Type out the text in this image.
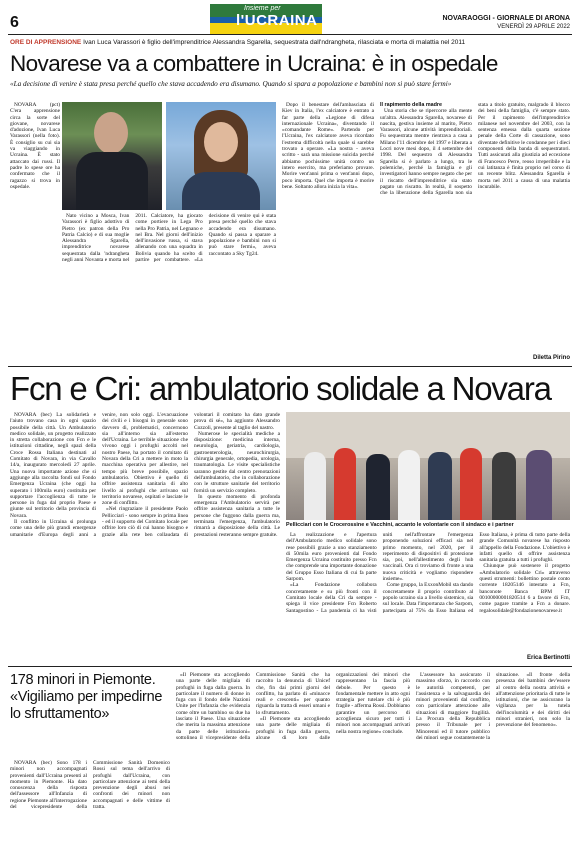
6
Insieme per
l'UCRAINA	NOVARAOGGI - GIORNALE DI ARONA
VENERDÌ 29 APRILE 2022
ORE DI APPRENSIONE Ivan Luca Varassori è figlio dell'imprenditrice Alessandra Sgarella, sequestrata dall'ndrangheta, rilasciata e morta di malattia nel 2011
Novarese va a combattere in Ucraina: è in ospedale
«La decisione di venire è stata presa perché quello che stava accadendo era disumano. Quando si spara a popolazione e bambini non si può stare fermi»

NOVARA (pct) C'era apprensione circa la sorte del giovane, novarese d'adozione, Ivan Luca Varassori (nella foto). È consiglio su cui sia va viaggiando in Ucraina. È stato attaccato dai russi. Il padre lo spese ore ha confermato che il ragazzo si trova in ospedale.

Nato vicino a Mosca, Ivan Varassori è figlio adottivo di Pietro (ex patron della Pro Patria Calcio) e di sua moglie Alessandra Sgarella, imprenditrice novarese sequestrata dalla 'ndrangheta negli anni Novanta e morta nel 2011. Calciatore, ha giocato come portiere in Lega Pro nella Pro Patria, nel Legnano e nel Bra. Nel giorni dell'inizio dell'invasione russa, si stava allenando con una squadra in Bolivia quando ha scelto di partire per combattere. «La decisione di venire qui è stata presa perché quello che stava accadendo era disumano. Quando si passa a sparare a popolazione e bambini non si può stare fermi», aveva raccontato a Sky Tg24.

Dopo il benestare dell'ambasciata di Kiev in Italia, l'ex calciatore è entrato a far parte della «Legione di difesa internazionale Ucraina», diventando il «comandante Rome». Partendo per l'Ucraina, l'ex calciatore aveva ricordato l'estrema difficoltà nella quale si sarebbe trovato a operare. «La nostra - aveva scritto - sarà una missione suicida perché abbiamo pochissime unità contro un intero esercito, ma preferiamo provare. Morire vent'anni prima o vent'anni dopo, poco importa. Quel che importa è morire bene. Soltanto allora inizia la vita».

Il rapimento della madre

Una storia che se ripercorre alla mente un'altra. Alessandra Sgarella, novarese di nascita, gestiva insieme al marito, Pietro Varassori, alcune attività imprenditoriali. Fu sequestrata mentre rientrava a casa a Milano l'11 dicembre del 1997 e liberata a Locri nove mesi dopo, il 4 settembre del 1998. Del sequestro di Alessandra Sgarella si è parlato a lungo, tra le polemiche, perché la famiglia e gli investigatori hanno sempre negato che per il riscatto dell'imprenditrice sia stato pagato un riscatto. In realtà, il sospetto che la liberazione della Sgarella non sia stata a titolo gratuito, malgrado il blocco dei beni della famiglia, c'è sempre stato. Per il rapimento dell'imprenditrice milanese nel novembre del 2003, con la sentenza emessa dalla quarta sezione penale della Corte di cassazione, sono diventate definitive le condanne per i dieci componenti della banda di sequestratori. Tutti assicurati alla giustizia ad eccezione di Francesco Perre, reoso irreperibile e la cui latitanza è finita proprio nel corso di un recente blitz. Alessandra Sgarella è morta nel 2011 a causa di una malattia incurabile.

Diletta Pirino
Fcn e Cri: ambulatorio solidale a Novara

NOVARA (bec) La solidarietà e l'aiuto trovano casa in ogni spazio possibile della città. Un Ambulatorio medico solidale, un progetto realizzato in stretta collaborazione con Fcn e le istituzioni cittadine, negli spazi della Croce Rossa Italiana destinati al Comitato di Novara, in via Cavallo 14/a, inaugurato mercoledì 27 aprile. Una nuova importante azione che si aggiunge alla raccolta fondi sul Fondo Emergenza Ucraina (che oggi ha superato i 100mila euro) costituita per supportare l'accoglienza di tutte le persone in fuga dal proprio Paese e giunte sul territorio della provincia di Novara.

Il conflitto in Ucraina si prolunga come una delle più grandi emergenze umanitarie d'Europa degli anni a venire, non solo oggi. L'evacuazione dei civili e i bisogni in generale sono davvero di, problematici, concernono sia all'interno sia all'esterno dell'Ucraina. Le terribile situazione che vivono oggi i profughi accolti nel nostro Paese, ha portato il comitato di Novara della Cri a mettere in moto la macchina operativa per allestire, nel tempo più breve possibile, spazio ambulatorio. Obiettivo è quello di offrire assistenza sanitaria di alto livello ai profughi che arrivano sul territorio novarese, ospitati e lasciate le zone di conflitto.

«Nel ringraziare il presidente Paolo Pellicciari - sono sempre in prima linea - ed il supporto del Comitato locale per offrire loro ciò di cui hanno bisogno e grazie alla rete ben collaudata di volontari il comitato ha dato grande prova di sé», ha aggiunto Alessandro Cozzoli, presente al taglio del nastro.

Numerose le specialità mediche a disposizione: medicina interna, neurologia, geriatria, cardiologia, gastroenterologia, neurochirurgia, chirurgia generale, ortopedia, urologia, traumatologia. Le visite specialistiche saranno gestite dal centro prenotazioni dell'ambulatorio, che in collaborazione con le strutture sanitarie del territorio fornirà un servizio completo.

In questo momento di profonda emergenza l'Ambulatorio servirà per offrire assistenza sanitaria a tutte le persone che fuggono dalla guerra ma, terminata l'emergenza, l'ambulatorio rimarrà a disposizione della città. Le prestazioni resteranno sempre gratuite.

Pellicciari con le Crocerossine e Vacchini, accanto le volontarie con il sindaco e i partner

La realizzazione e l'apertura dell'Ambulatorio medico solidale sono rese possibili grazie a uno stanziamento di 50mila euro provenienti dal Fondo Emergenza Ucraina costituito presso Fcn che comprende una importante donazione del Gruppo Esso Italiana di cui fa parte Sarpom.

«La Fondazione collabora concretamente e su più fronti con il Comitato locale della Cri da sempre - spiega il vice presidente Fcn Roberto Santagostino - La pandemia ci ha visti uniti nell'affrontare l'emergenza proponendo soluzioni efficaci sia nel primo momento, nel 2020, per il reperimento di dispositivi di protezione sia, poi, nell'allestimento degli hub vaccinali. Ora ci troviamo di fronte a una nuova criticità e vogliamo rispondere insieme».

Come gruppo, la ExxonMobil sta dando concretamente il proprio contributo al popolo ucraino sia a livello sistemico, sia sul locale. Data l'importanza che Sarpom, partecipata al 75% da Esso Italiana ed Esso Italiana, è prima di tutto parte della grande Comunità novarese ha risposto all'appello della Fondazione. L'obiettivo è infatti quello di offrire assistenza sanitaria gratuita a tutti i profughi.

Chiunque può sostenere il progetto «Ambulatorio solidale Cri» attraverso questi strumenti: bollettino postale conto corrente 18205146 intestato a Fcn, banconote Banca BPM IT 00100000001820514 6 a favore di Fcn, come pagare tramite a Fcn a donare. regalosolidale@fondazionenovarese.it

Erica Bertinotti
178 minori in Piemonte. «Vigiliamo per impedirne lo sfruttamento»

NOVARA (bec) Sono 178 i minori non accompagnati provenienti dall'Ucraina presenti al momento in Piemonte. Ha dato conoscenza della risposta dell'assessore all'Infanzia di regione Piemonte all'interrogazione del vicepresidente della Commissione Sanità Domenico Rossi sul tema dell'arrivo di profughi dall'Ucraina, con particolare attenzione ai temi della prevenzione degli abusi nei confronti dei minori non accompagnati e delle vittime di tratta.

«Il Piemonte sta accogliendo una parte delle migliaia di profughi in fuga dalla guerra. In particolare il numero di donne in fuga con il fondo delle Nazioni Unite per l'Infanzia che evidenzia come oltre un bambino su due ha lasciato il Paese. Una situazione che merita la massima attenzione da parte delle istituzioni» sottolinea il vicepresidente della Commissione Sanità che ha raccolto la denuncia di Unicef che, fin dai primi giorni del conflitto, ha parlato di «minacce reali e crescenti» per quanto riguarda la tratta di esseri umani e lo sfruttamento.

«Il Piemonte sta accogliendo una parte delle migliaia di profughi in fuga dalla guerra, alcune di loro dalle organizzazioni dei minori che rappresentano la fascia più debole. Per questo è fondamentale mettere in atto ogni strategia per tutelare chi è più fragile - afferma Rossi. Dobbiamo garantire un percorso di accoglienza sicuro per tutti i minori non accompagnati arrivati nella nostra regione» conclude.

L'assessore ha assicurato il massimo sforzo, in raccordo con le autorità competenti, per l'assistenza e la salvaguardia dei minori provenienti dal conflitto, con particolare attenzione alle situazioni di maggiore fragilità. La Procura della Repubblica presso il Tribunale per i Minorenni ed il tutore pubblico dei minori segue costantemente la situazione. «Il fronte della presenza dei bambini dev'essere al centro della nostra attività e all'attenzione prioritaria di tutte le istituzioni, che ne assicurano la vigilanza per la tutela dell'incolumità e dei diritti dei minori stranieri, non solo la prevenzione del fenomeno».
